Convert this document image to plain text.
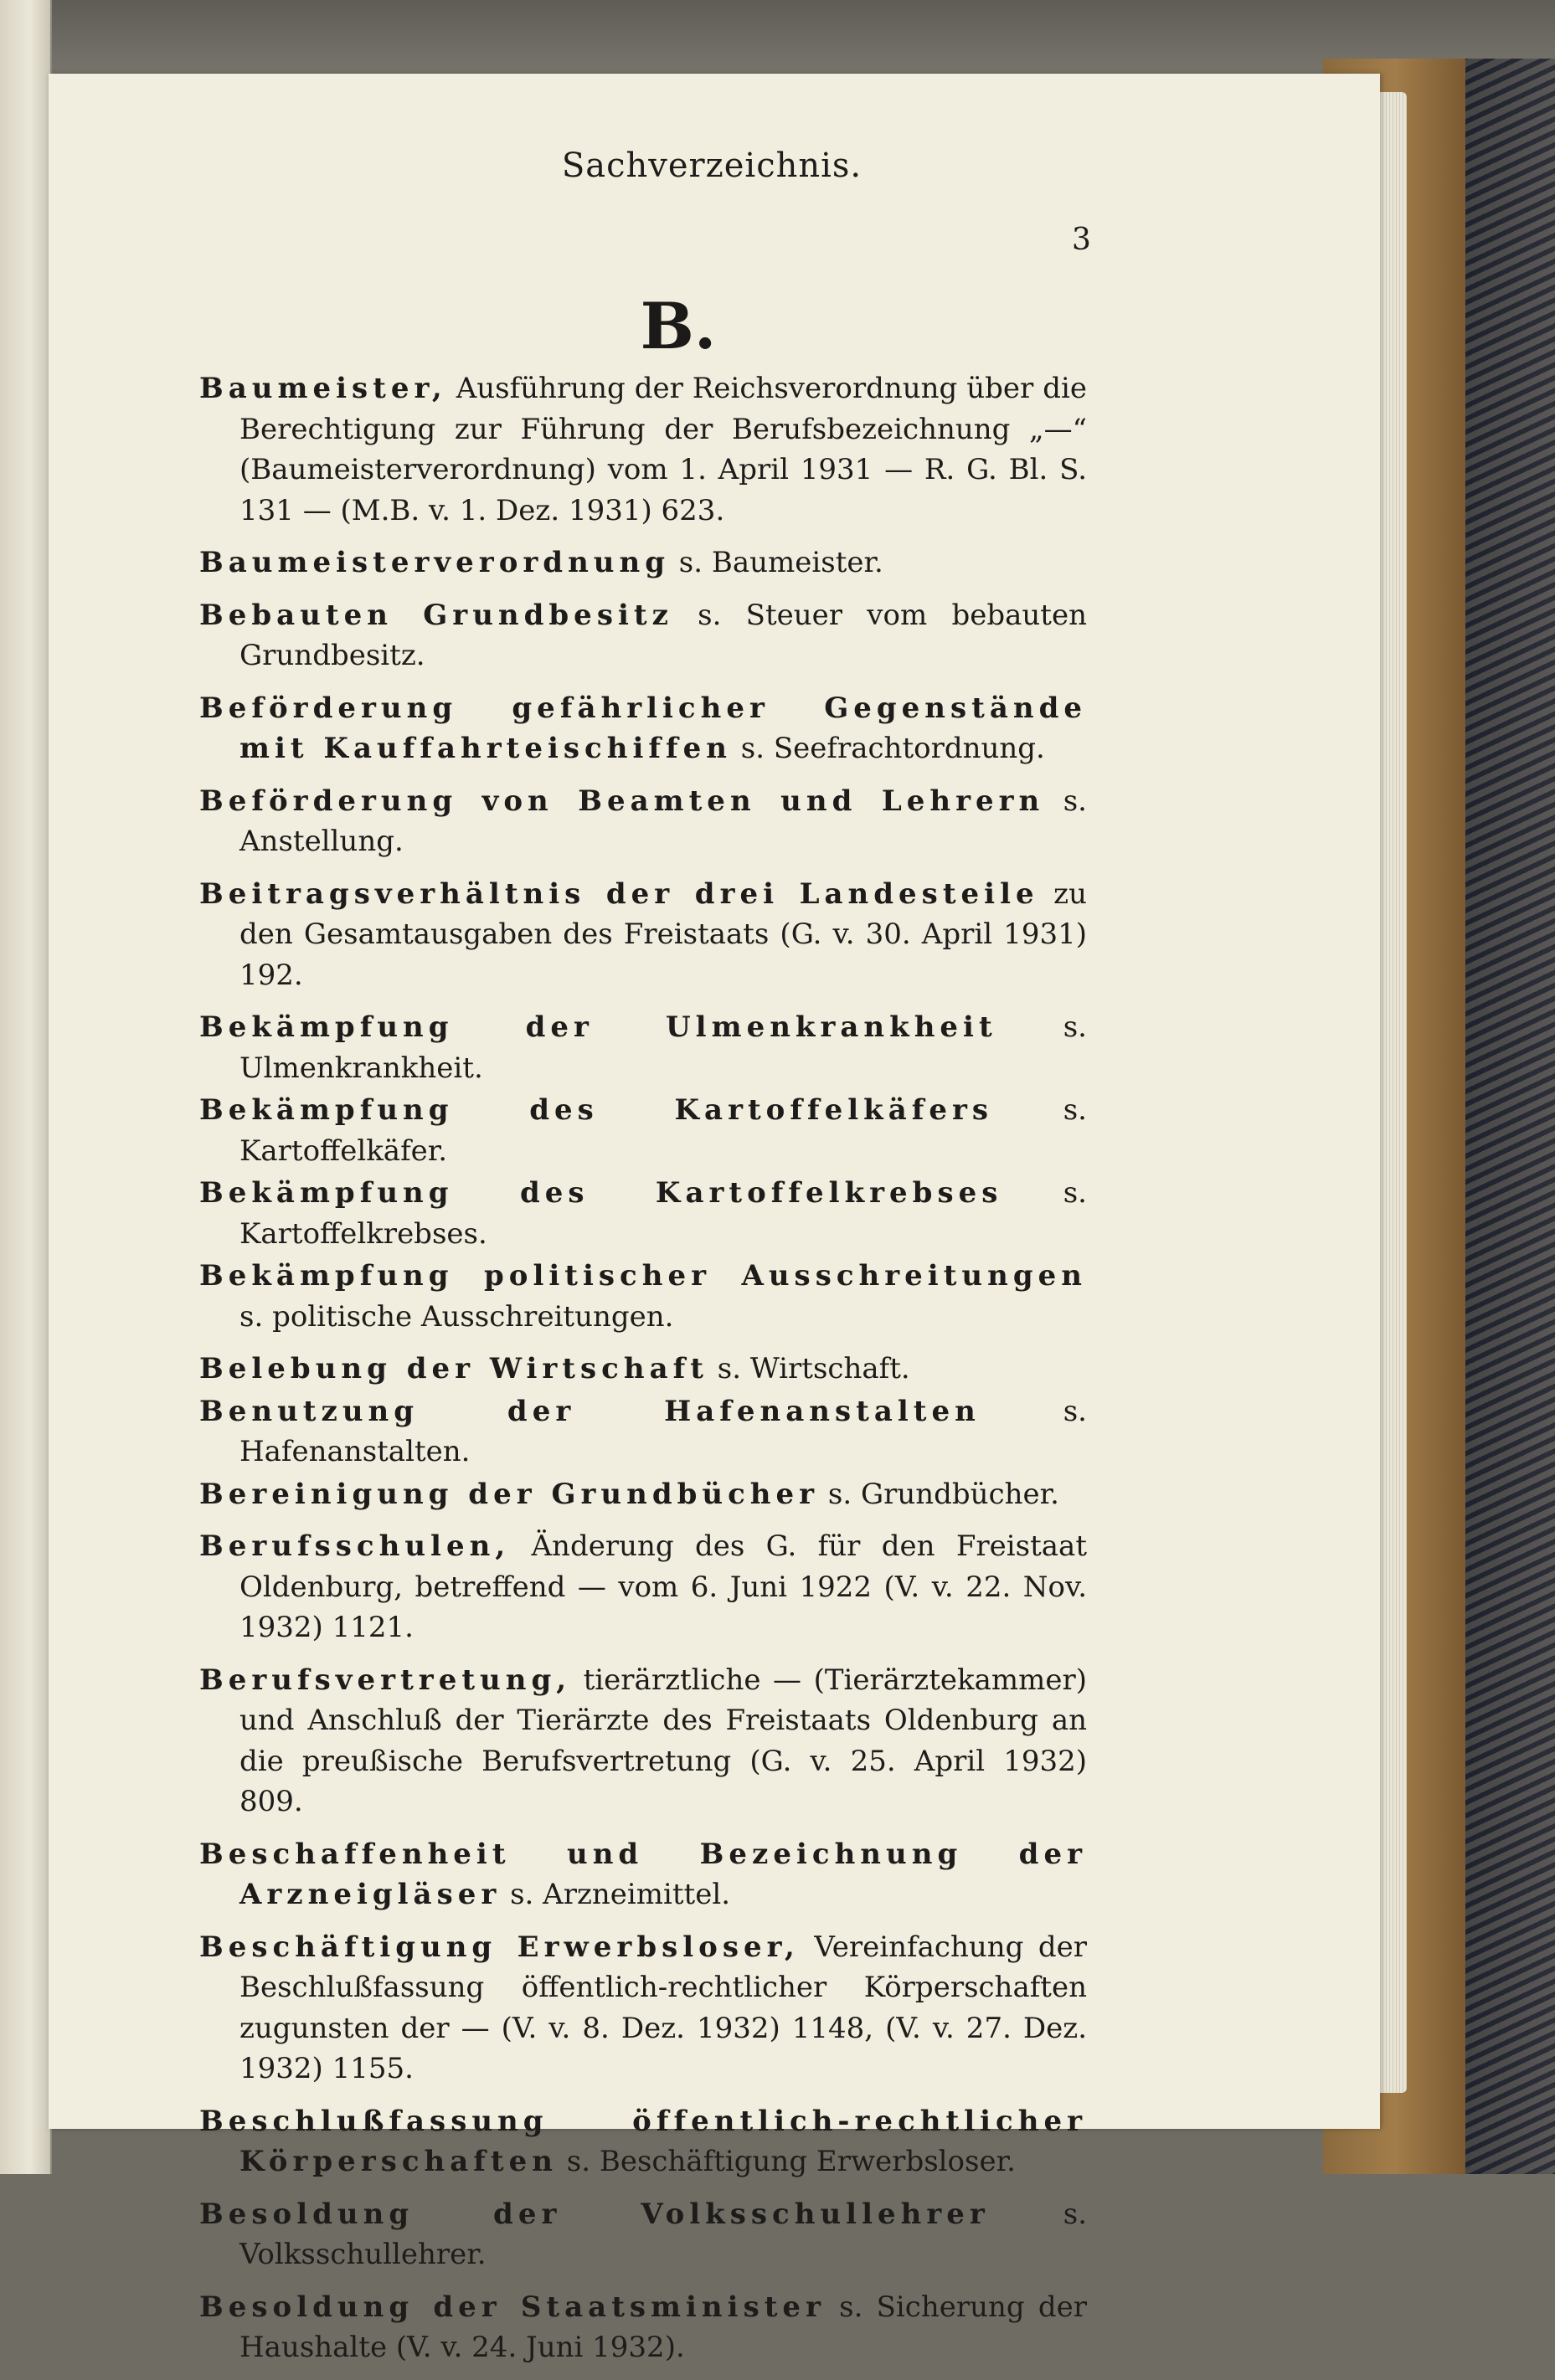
Sachverzeichnis.
3
B.

Baumeister, Ausführung der Reichsverordnung über die Berechtigung zur Führung der Berufsbezeichnung „—“ (Baumeisterverordnung) vom 1. April 1931 — R. G. Bl. S. 131 — (M.B. v. 1. Dez. 1931) 623.

Baumeisterverordnung s. Baumeister.

Bebauten Grundbesitz s. Steuer vom bebauten Grundbesitz.

Beförderung gefährlicher Gegenstände mit Kauffahrteischiffen s. Seefrachtordnung.

Beförderung von Beamten und Lehrern s. Anstellung.

Beitragsverhältnis der drei Landesteile zu den Gesamtausgaben des Freistaats (G. v. 30. April 1931) 192.

Bekämpfung der Ulmenkrankheit s. Ulmenkrankheit.

Bekämpfung des Kartoffelkäfers s. Kartoffelkäfer.

Bekämpfung des Kartoffelkrebses s. Kartoffelkrebses.

Bekämpfung politischer Ausschreitungen s. politische Ausschreitungen.

Belebung der Wirtschaft s. Wirtschaft.

Benutzung der Hafenanstalten s. Hafenanstalten.

Bereinigung der Grundbücher s. Grundbücher.

Berufsschulen, Änderung des G. für den Freistaat Oldenburg, betreffend — vom 6. Juni 1922 (V. v. 22. Nov. 1932) 1121.

Berufsvertretung, tierärztliche — (Tierärztekammer) und Anschluß der Tierärzte des Freistaats Oldenburg an die preußische Berufsvertretung (G. v. 25. April 1932) 809.

Beschaffenheit und Bezeichnung der Arzneigläser s. Arzneimittel.

Beschäftigung Erwerbsloser, Vereinfachung der Beschlußfassung öffentlich-rechtlicher Körperschaften zugunsten der — (V. v. 8. Dez. 1932) 1148, (V. v. 27. Dez. 1932) 1155.

Beschlußfassung öffentlich-rechtlicher Körperschaften s. Beschäftigung Erwerbsloser.

Besoldung der Volksschullehrer s. Volksschullehrer.

Besoldung der Staatsminister s. Sicherung der Haushalte (V. v. 24. Juni 1932).
